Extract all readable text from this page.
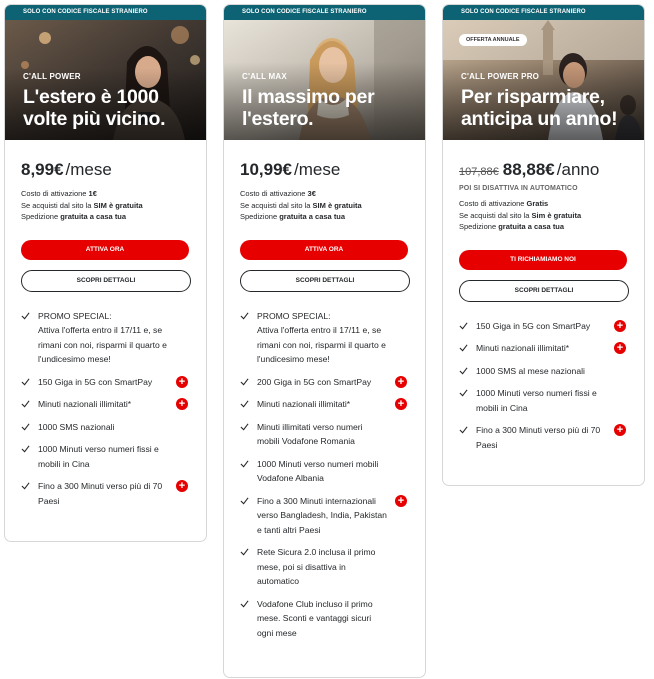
SOLO CON CODICE FISCALE STRANIERO
C'ALL POWER
L'estero è 1000
volte più vicino.
8,99€ /mese
Costo di attivazione 1€
Se acquisti dal sito la SIM è gratuita
Spedizione gratuita a casa tua
ATTIVA ORA
SCOPRI DETTAGLI
PROMO SPECIAL:
Attiva l'offerta entro il 17/11 e, se rimani con noi, risparmi il quarto e l'undicesimo mese!
150 Giga in 5G con SmartPay	+
Minuti nazionali illimitati*	+
1000 SMS nazionali
1000 Minuti verso numeri fissi e mobili in Cina
Fino a 300 Minuti verso più di 70 Paesi
+
SOLO CON CODICE FISCALE STRANIERO
C'ALL MAX
Il massimo per
l'estero.
10,99€ /mese
Costo di attivazione 3€
Se acquisti dal sito la SIM è gratuita
Spedizione gratuita a casa tua
ATTIVA ORA
SCOPRI DETTAGLI
PROMO SPECIAL:
Attiva l'offerta entro il 17/11 e, se rimani con noi, risparmi il quarto e l'undicesimo mese!
200 Giga in 5G con SmartPay	+
Minuti nazionali illimitati*	+
Minuti illimitati verso numeri mobili Vodafone Romania
1000 Minuti verso numeri mobili Vodafone Albania
Fino a 300 Minuti internazionali verso Bangladesh, India, Pakistan e tanti altri Paesi
+
Rete Sicura 2.0 inclusa il primo mese, poi si disattiva in automatico
Vodafone Club incluso il primo mese. Sconti e vantaggi sicuri ogni mese
SOLO CON CODICE FISCALE STRANIERO
OFFERTA ANNUALE
C'ALL POWER PRO
Per risparmiare,
anticipa un anno!
107,88€ 88,88€ /anno
POI SI DISATTIVA IN AUTOMATICO
Costo di attivazione Gratis
Se acquisti dal sito la Sim è gratuita
Spedizione gratuita a casa tua
TI RICHIAMIAMO NOI
SCOPRI DETTAGLI
150 Giga in 5G con SmartPay	+
Minuti nazionali illimitati*	+
1000 SMS al mese nazionali
1000 Minuti verso numeri fissi e mobili in Cina
Fino a 300 Minuti verso più di 70 Paesi
+
